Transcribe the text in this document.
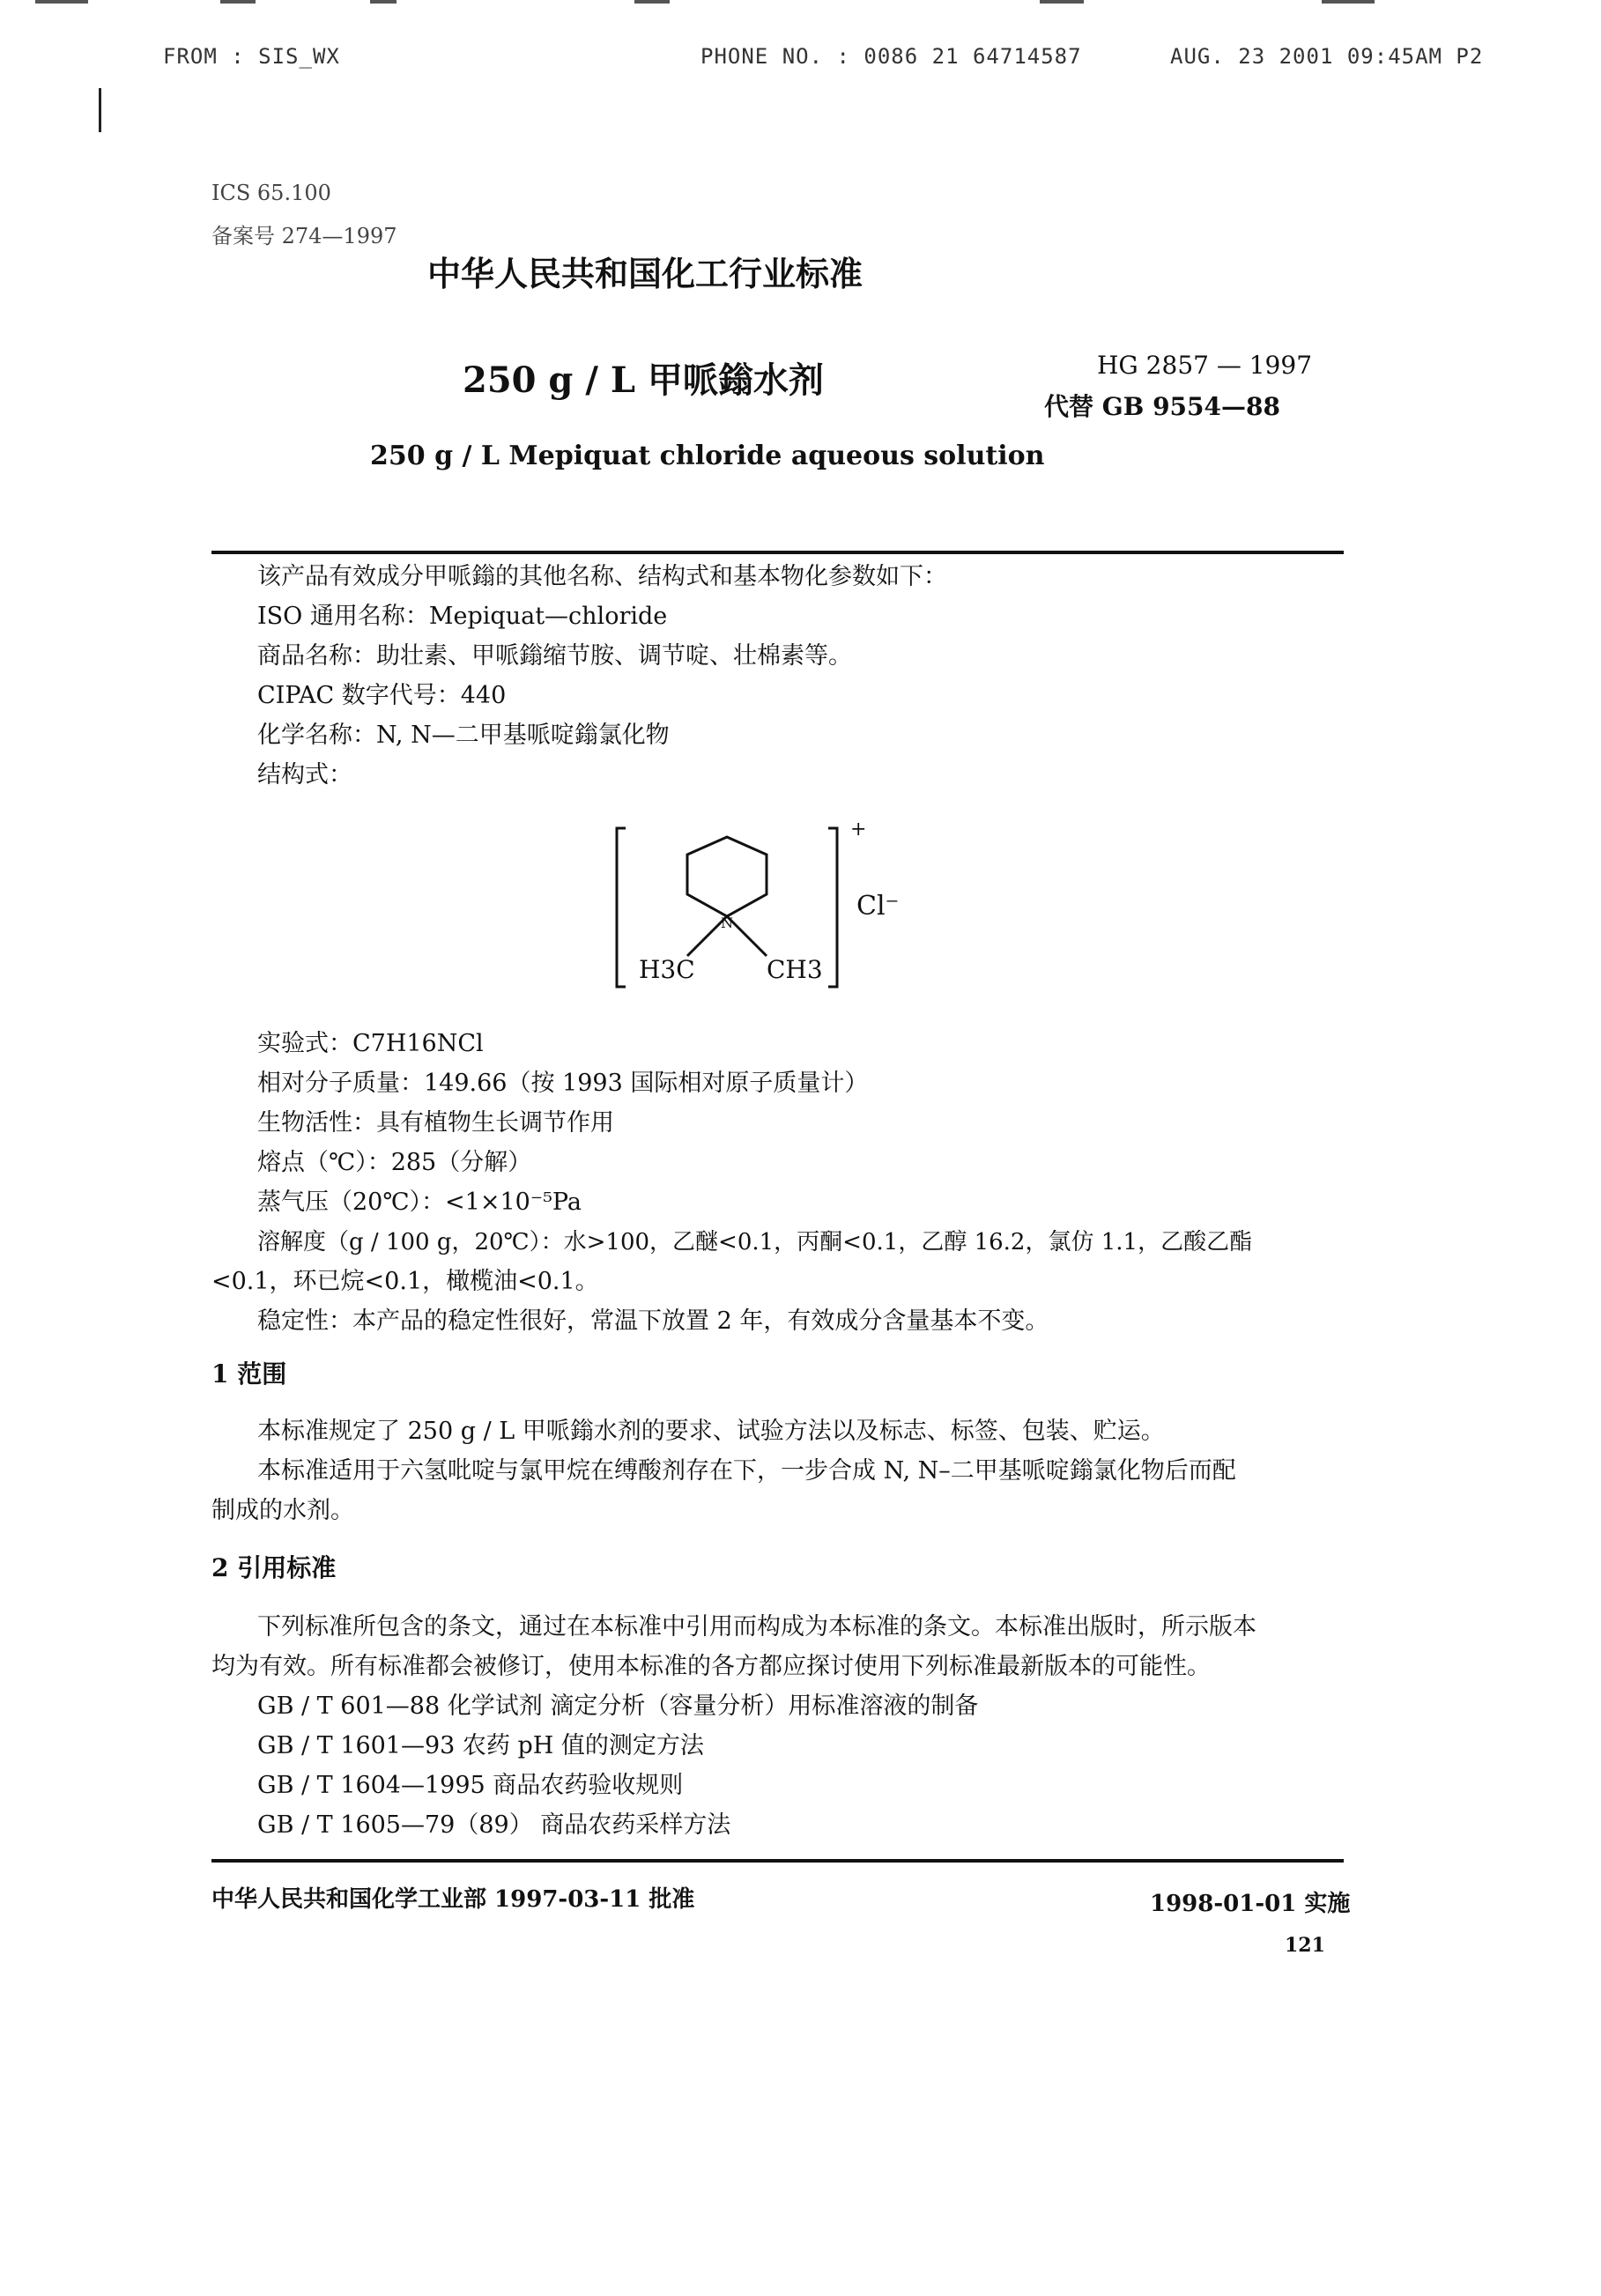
FROM : SIS_WX	PHONE NO. : 0086 21 64714587	AUG. 23 2001 09:45AM P2
ICS 65.100
备案号 274—1997
中华人民共和国化工行业标准
250 g / L 甲哌鎓水剂	HG 2857 — 1997
代替 GB 9554—88
250 g / L Mepiquat chloride aqueous solution
该产品有效成分甲哌鎓的其他名称、结构式和基本物化参数如下：
ISO 通用名称：Mepiquat—chloride
商品名称：助壮素、甲哌鎓缩节胺、调节啶、壮棉素等。
CIPAC 数字代号：440
化学名称：N, N—二甲基哌啶鎓氯化物
结构式：
N
+
Cl⁻
H3C	CH3
实验式：C7H16NCl
相对分子质量：149.66（按 1993 国际相对原子质量计）
生物活性：具有植物生长调节作用
熔点（℃）：285（分解）
蒸气压（20℃）：<1×10⁻⁵Pa
溶解度（g / 100 g，20℃）：水>100，乙醚<0.1，丙酮<0.1，乙醇 16.2，氯仿 1.1，乙酸乙酯
<0.1，环已烷<0.1，橄榄油<0.1。
稳定性：本产品的稳定性很好，常温下放置 2 年，有效成分含量基本不变。
1 范围
本标准规定了 250 g / L 甲哌鎓水剂的要求、试验方法以及标志、标签、包装、贮运。
本标准适用于六氢吡啶与氯甲烷在缚酸剂存在下，一步合成 N, N–二甲基哌啶鎓氯化物后而配
制成的水剂。
2 引用标准
下列标准所包含的条文，通过在本标准中引用而构成为本标准的条文。本标准出版时，所示版本
均为有效。所有标准都会被修订，使用本标准的各方都应探讨使用下列标准最新版本的可能性。
GB / T 601—88 化学试剂 滴定分析（容量分析）用标准溶液的制备
GB / T 1601—93 农药 pH 值的测定方法
GB / T 1604—1995 商品农药验收规则
GB / T 1605—79（89） 商品农药采样方法
中华人民共和国化学工业部 1997-03-11 批准	1998-01-01 实施
121
